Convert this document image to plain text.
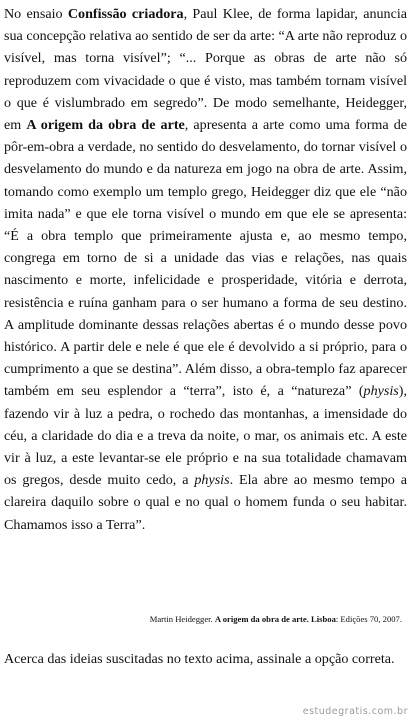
No ensaio Confissão criadora, Paul Klee, de forma lapidar, anuncia sua concepção relativa ao sentido de ser da arte: “A arte não reproduz o visível, mas torna visível”; “... Porque as obras de arte não só reproduzem com vivacidade o que é visto, mas também tornam visível o que é vislumbrado em segredo”. De modo semelhante, Heidegger, em A origem da obra de arte, apresenta a arte como uma forma de pôr-em-obra a verdade, no sentido do desvelamento, do tornar visível o desvelamento do mundo e da natureza em jogo na obra de arte. Assim, tomando como exemplo um templo grego, Heidegger diz que ele “não imita nada” e que ele torna visível o mundo em que ele se apresenta: “É a obra templo que primeiramente ajusta e, ao mesmo tempo, congrega em torno de si a unidade das vias e relações, nas quais nascimento e morte, infelicidade e prosperidade, vitória e derrota, resistência e ruína ganham para o ser humano a forma de seu destino. A amplitude dominante dessas relações abertas é o mundo desse povo histórico. A partir dele e nele é que ele é devolvido a si próprio, para o cumprimento a que se destina”. Além disso, a obra-templo faz aparecer também em seu esplendor a “terra”, isto é, a “natureza” (physis), fazendo vir à luz a pedra, o rochedo das montanhas, a imensidade do céu, a claridade do dia e a treva da noite, o mar, os animais etc. A este vir à luz, a este levantar-se ele próprio e na sua totalidade chamavam os gregos, desde muito cedo, a physis. Ela abre ao mesmo tempo a clareira daquilo sobre o qual e no qual o homem funda o seu habitar. Chamamos isso a Terra”.

Martin Heidegger. A origem da obra de arte. Lisboa: Edições 70, 2007.

Acerca das ideias suscitadas no texto acima, assinale a opção correta.

estudegratis.com.br
